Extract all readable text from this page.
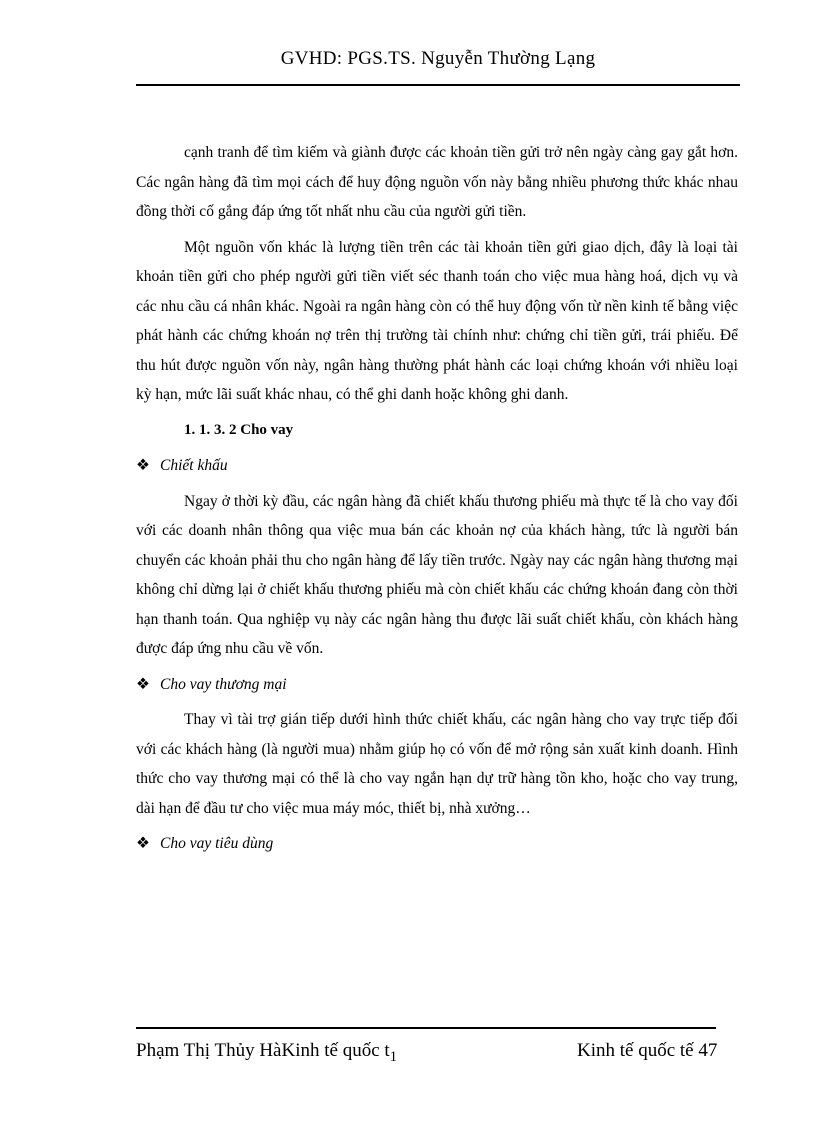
GVHD: PGS.TS. Nguyễn Thường Lạng

cạnh tranh để tìm kiếm và giành được các khoản tiền gửi trở nên ngày càng gay gắt hơn. Các ngân hàng đã tìm mọi cách để huy động nguồn vốn này bằng nhiều phương thức khác nhau đồng thời cố gắng đáp ứng tốt nhất nhu cầu của người gửi tiền.

Một nguồn vốn khác là lượng tiền trên các tài khoản tiền gửi giao dịch, đây là loại tài khoản tiền gửi cho phép người gửi tiền viết séc thanh toán cho việc mua hàng hoá, dịch vụ và các nhu cầu cá nhân khác. Ngoài ra ngân hàng còn có thể huy động vốn từ nền kinh tế bằng việc phát hành các chứng khoán nợ trên thị trường tài chính như: chứng chỉ tiền gửi, trái phiếu. Để thu hút được nguồn vốn này, ngân hàng thường phát hành các loại chứng khoán với nhiều loại kỳ hạn, mức lãi suất khác nhau, có thể ghi danh hoặc không ghi danh.

1. 1. 3. 2 Cho vay

❖ Chiết khấu

Ngay ở thời kỳ đầu, các ngân hàng đã chiết khấu thương phiếu mà thực tế là cho vay đối với các doanh nhân thông qua việc mua bán các khoản nợ của khách hàng, tức là người bán chuyển các khoản phải thu cho ngân hàng để lấy tiền trước. Ngày nay các ngân hàng thương mại không chỉ dừng lại ở chiết khấu thương phiếu mà còn chiết khấu các chứng khoán đang còn thời hạn thanh toán. Qua nghiệp vụ này các ngân hàng thu được lãi suất chiết khấu, còn khách hàng được đáp ứng nhu cầu về vốn.

❖ Cho vay thương mại

Thay vì tài trợ gián tiếp dưới hình thức chiết khấu, các ngân hàng cho vay trực tiếp đối với các khách hàng (là người mua) nhằm giúp họ có vốn để mở rộng sản xuất kinh doanh. Hình thức cho vay thương mại có thể là cho vay ngắn hạn dự trữ hàng tồn kho, hoặc cho vay trung, dài hạn để đầu tư cho việc mua máy móc, thiết bị, nhà xưởng…

❖ Cho vay tiêu dùng

Phạm Thị Thủy HàKinh tế quốc $t_1$	Kinh tế quốc tế 47
